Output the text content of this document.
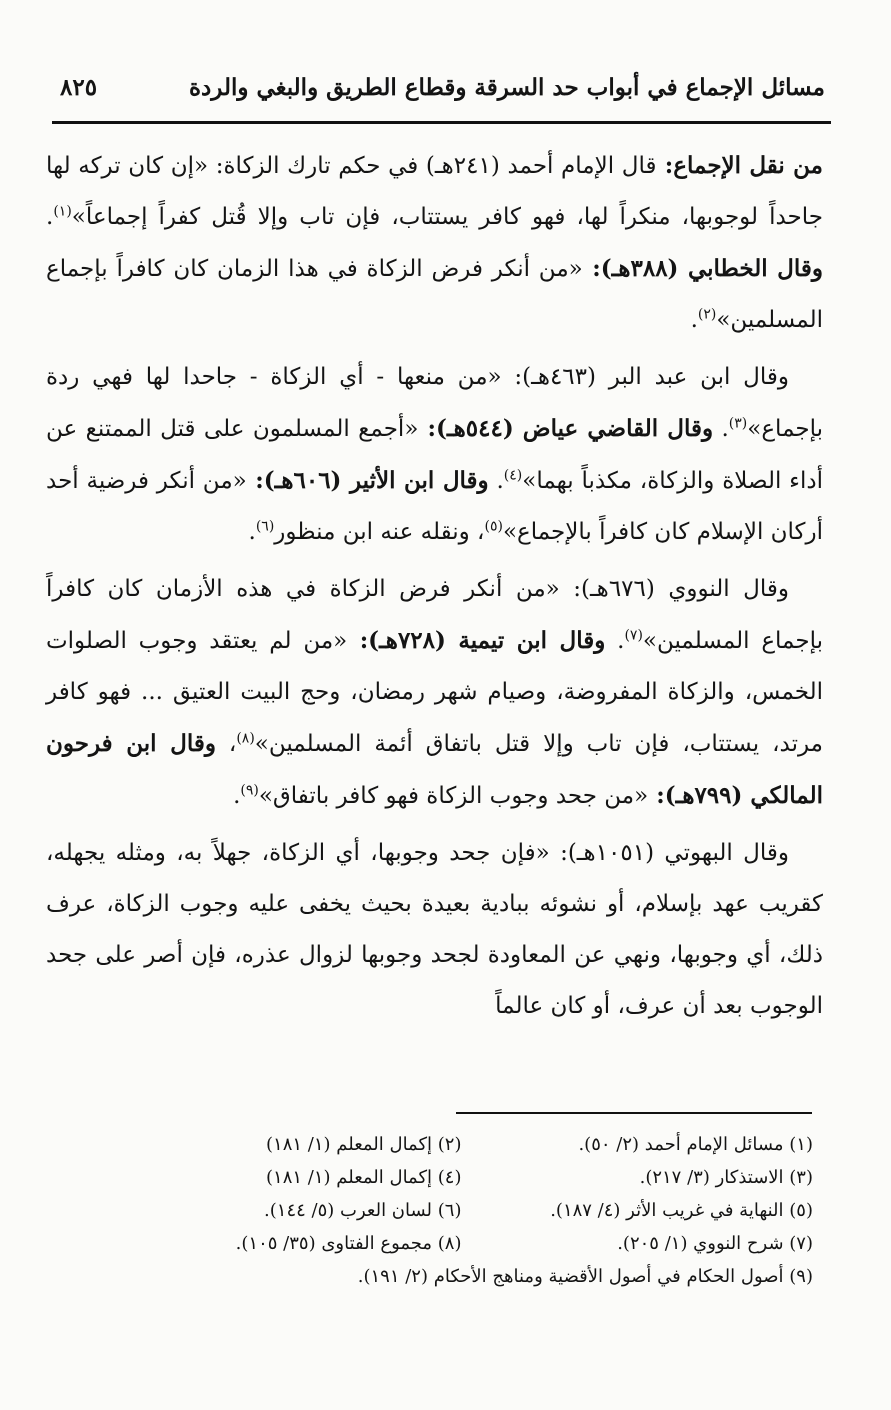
مسائل الإجماع في أبواب حد السرقة وقطاع الطريق والبغي والردة
٨٢٥

من نقل الإجماع: قال الإمام أحمد (٢٤١هـ) في حكم تارك الزكاة: «إن كان تركه لها جاحداً لوجوبها، منكراً لها، فهو كافر يستتاب، فإن تاب وإلا قُتل كفراً إجماعاً»$^{(١)}$. وقال الخطابي (٣٨٨هـ): «من أنكر فرض الزكاة في هذا الزمان كان كافراً بإجماع المسلمين»$^{(٢)}$.

وقال ابن عبد البر (٤٦٣هـ): «من منعها - أي الزكاة - جاحدا لها فهي ردة بإجماع»$^{(٣)}$. وقال القاضي عياض (٥٤٤هـ): «أجمع المسلمون على قتل الممتنع عن أداء الصلاة والزكاة، مكذباً بهما»$^{(٤)}$. وقال ابن الأثير (٦٠٦هـ): «من أنكر فرضية أحد أركان الإسلام كان كافراً بالإجماع»$^{(٥)}$، ونقله عنه ابن منظور$^{(٦)}$.

وقال النووي (٦٧٦هـ): «من أنكر فرض الزكاة في هذه الأزمان كان كافراً بإجماع المسلمين»$^{(٧)}$. وقال ابن تيمية (٧٢٨هـ): «من لم يعتقد وجوب الصلوات الخمس، والزكاة المفروضة، وصيام شهر رمضان، وحج البيت العتيق ... فهو كافر مرتد، يستتاب، فإن تاب وإلا قتل باتفاق أئمة المسلمين»$^{(٨)}$، وقال ابن فرحون المالكي (٧٩٩هـ): «من جحد وجوب الزكاة فهو كافر باتفاق»$^{(٩)}$.

وقال البهوتي (١٠٥١هـ): «فإن جحد وجوبها، أي الزكاة، جهلاً به، ومثله يجهله، كقريب عهد بإسلام، أو نشوئه ببادية بعيدة بحيث يخفى عليه وجوب الزكاة، عرف ذلك، أي وجوبها، ونهي عن المعاودة لجحد وجوبها لزوال عذره، فإن أصر على جحد الوجوب بعد أن عرف، أو كان عالماً

(١) مسائل الإمام أحمد (٢/ ٥٠).
(٢) إكمال المعلم (١/ ١٨١)
(٣) الاستذكار (٣/ ٢١٧).
(٤) إكمال المعلم (١/ ١٨١)
(٥) النهاية في غريب الأثر (٤/ ١٨٧).
(٦) لسان العرب (٥/ ١٤٤).
(٧) شرح النووي (١/ ٢٠٥).
(٨) مجموع الفتاوى (٣٥/ ١٠٥).
(٩) أصول الحكام في أصول الأقضية ومناهج الأحكام (٢/ ١٩١).
